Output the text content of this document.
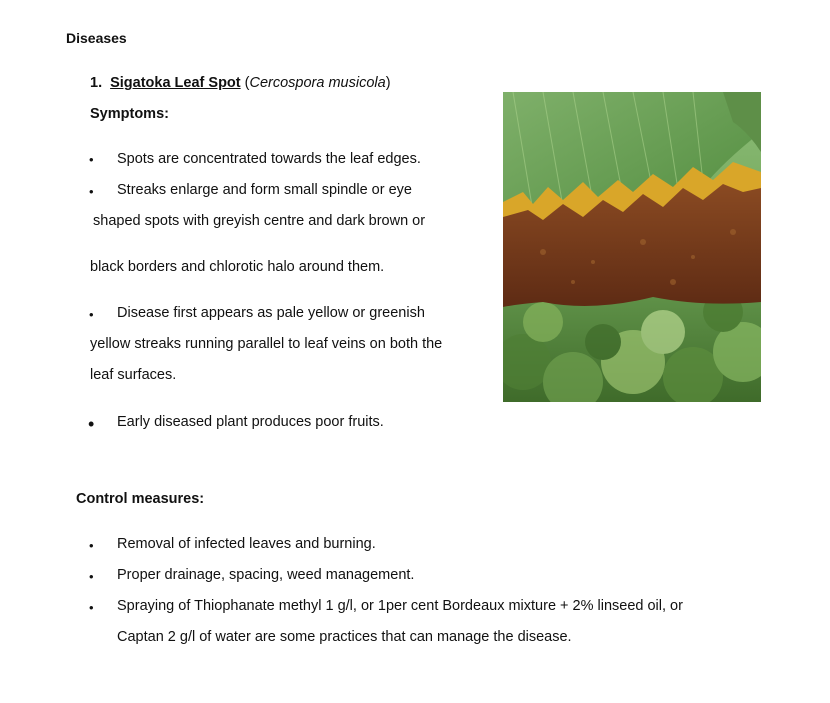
Diseases
1. Sigatoka Leaf Spot (Cercospora musicola)
Symptoms:
• Spots are concentrated towards the leaf edges.
• Streaks enlarge and form small spindle or eye
shaped spots with greyish centre and dark brown or
black borders and chlorotic halo around them.
• Disease first appears as pale yellow or greenish
yellow streaks running parallel to leaf veins on both the
leaf surfaces.
• Early diseased plant produces poor fruits.
Control measures:
• Removal of infected leaves and burning.
• Proper drainage, spacing, weed management.
• Spraying of Thiophanate methyl 1 g/l, or 1per cent Bordeaux mixture + 2% linseed oil, or
Captan 2 g/l of water are some practices that can manage the disease.
